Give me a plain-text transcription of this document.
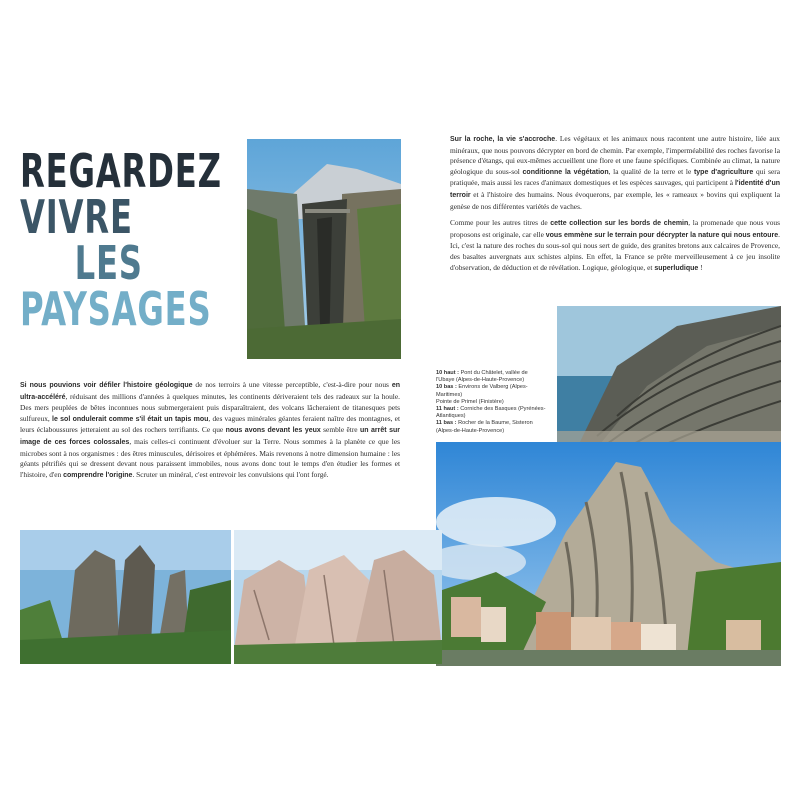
REGARDEZ
VIVRE
LES
PAYSAGES

Si nous pouvions voir défiler l'histoire géologique de nos terroirs à une vitesse perceptible, c'est-à-dire pour nous en ultra-accéléré, réduisant des millions d'années à quelques minutes, les continents dériveraient tels des radeaux sur la houle. Des mers peuplées de bêtes inconnues nous submergeraient puis disparaîtraient, des volcans lâcheraient de titanesques pets sulfureux, le sol ondulerait comme s'il était un tapis mou, des vagues minérales géantes feraient naître des montagnes, et leurs éclaboussures jetteraient au sol des rochers terrifiants. Ce que nous avons devant les yeux semble être un arrêt sur image de ces forces colossales, mais celles-ci continuent d'évoluer sur la Terre. Nous sommes à la planète ce que les microbes sont à nos organismes : des êtres minuscules, dérisoires et éphémères. Mais revenons à notre dimension humaine : les géants pétrifiés qui se dressent devant nous paraissent immobiles, nous avons donc tout le temps d'en étudier les formes et l'histoire, d'en comprendre l'origine. Scruter un minéral, c'est entrevoir les convulsions qui l'ont forgé.

Sur la roche, la vie s'accroche. Les végétaux et les animaux nous racontent une autre histoire, liée aux minéraux, que nous pouvons décrypter en bord de chemin. Par exemple, l'imperméabilité des roches favorise la présence d'étangs, qui eux-mêmes accueillent une flore et une faune spécifiques. Combinée au climat, la nature géologique du sous-sol conditionne la végétation, la qualité de la terre et le type d'agriculture qui sera pratiquée, mais aussi les races d'animaux domestiques et les espèces sauvages, qui participent à l'identité d'un terroir et à l'histoire des humains. Nous évoquerons, par exemple, les « rameaux » bovins qui expliquent la genèse de nos différentes variétés de vaches.

Comme pour les autres titres de cette collection sur les bords de chemin, la promenade que nous vous proposons est originale, car elle vous emmène sur le terrain pour décrypter la nature qui nous entoure. Ici, c'est la nature des roches du sous-sol qui nous sert de guide, des granites bretons aux calcaires de Provence, des basaltes auvergnats aux schistes alpins. En effet, la France se prête merveilleusement à ce jeu insolite d'observation, de déduction et de révélation. Logique, géologique, et superludique !

10 haut : Pont du Châtelet, vallée de l'Ubaye (Alpes-de-Haute-Provence)
10 bas : Environs de Valberg (Alpes-Maritimes)
Pointe de Primel (Finistère)
11 haut : Corniche des Basques (Pyrénées-Atlantiques)
11 bas : Rocher de la Baume, Sisteron (Alpes-de-Haute-Provence)
